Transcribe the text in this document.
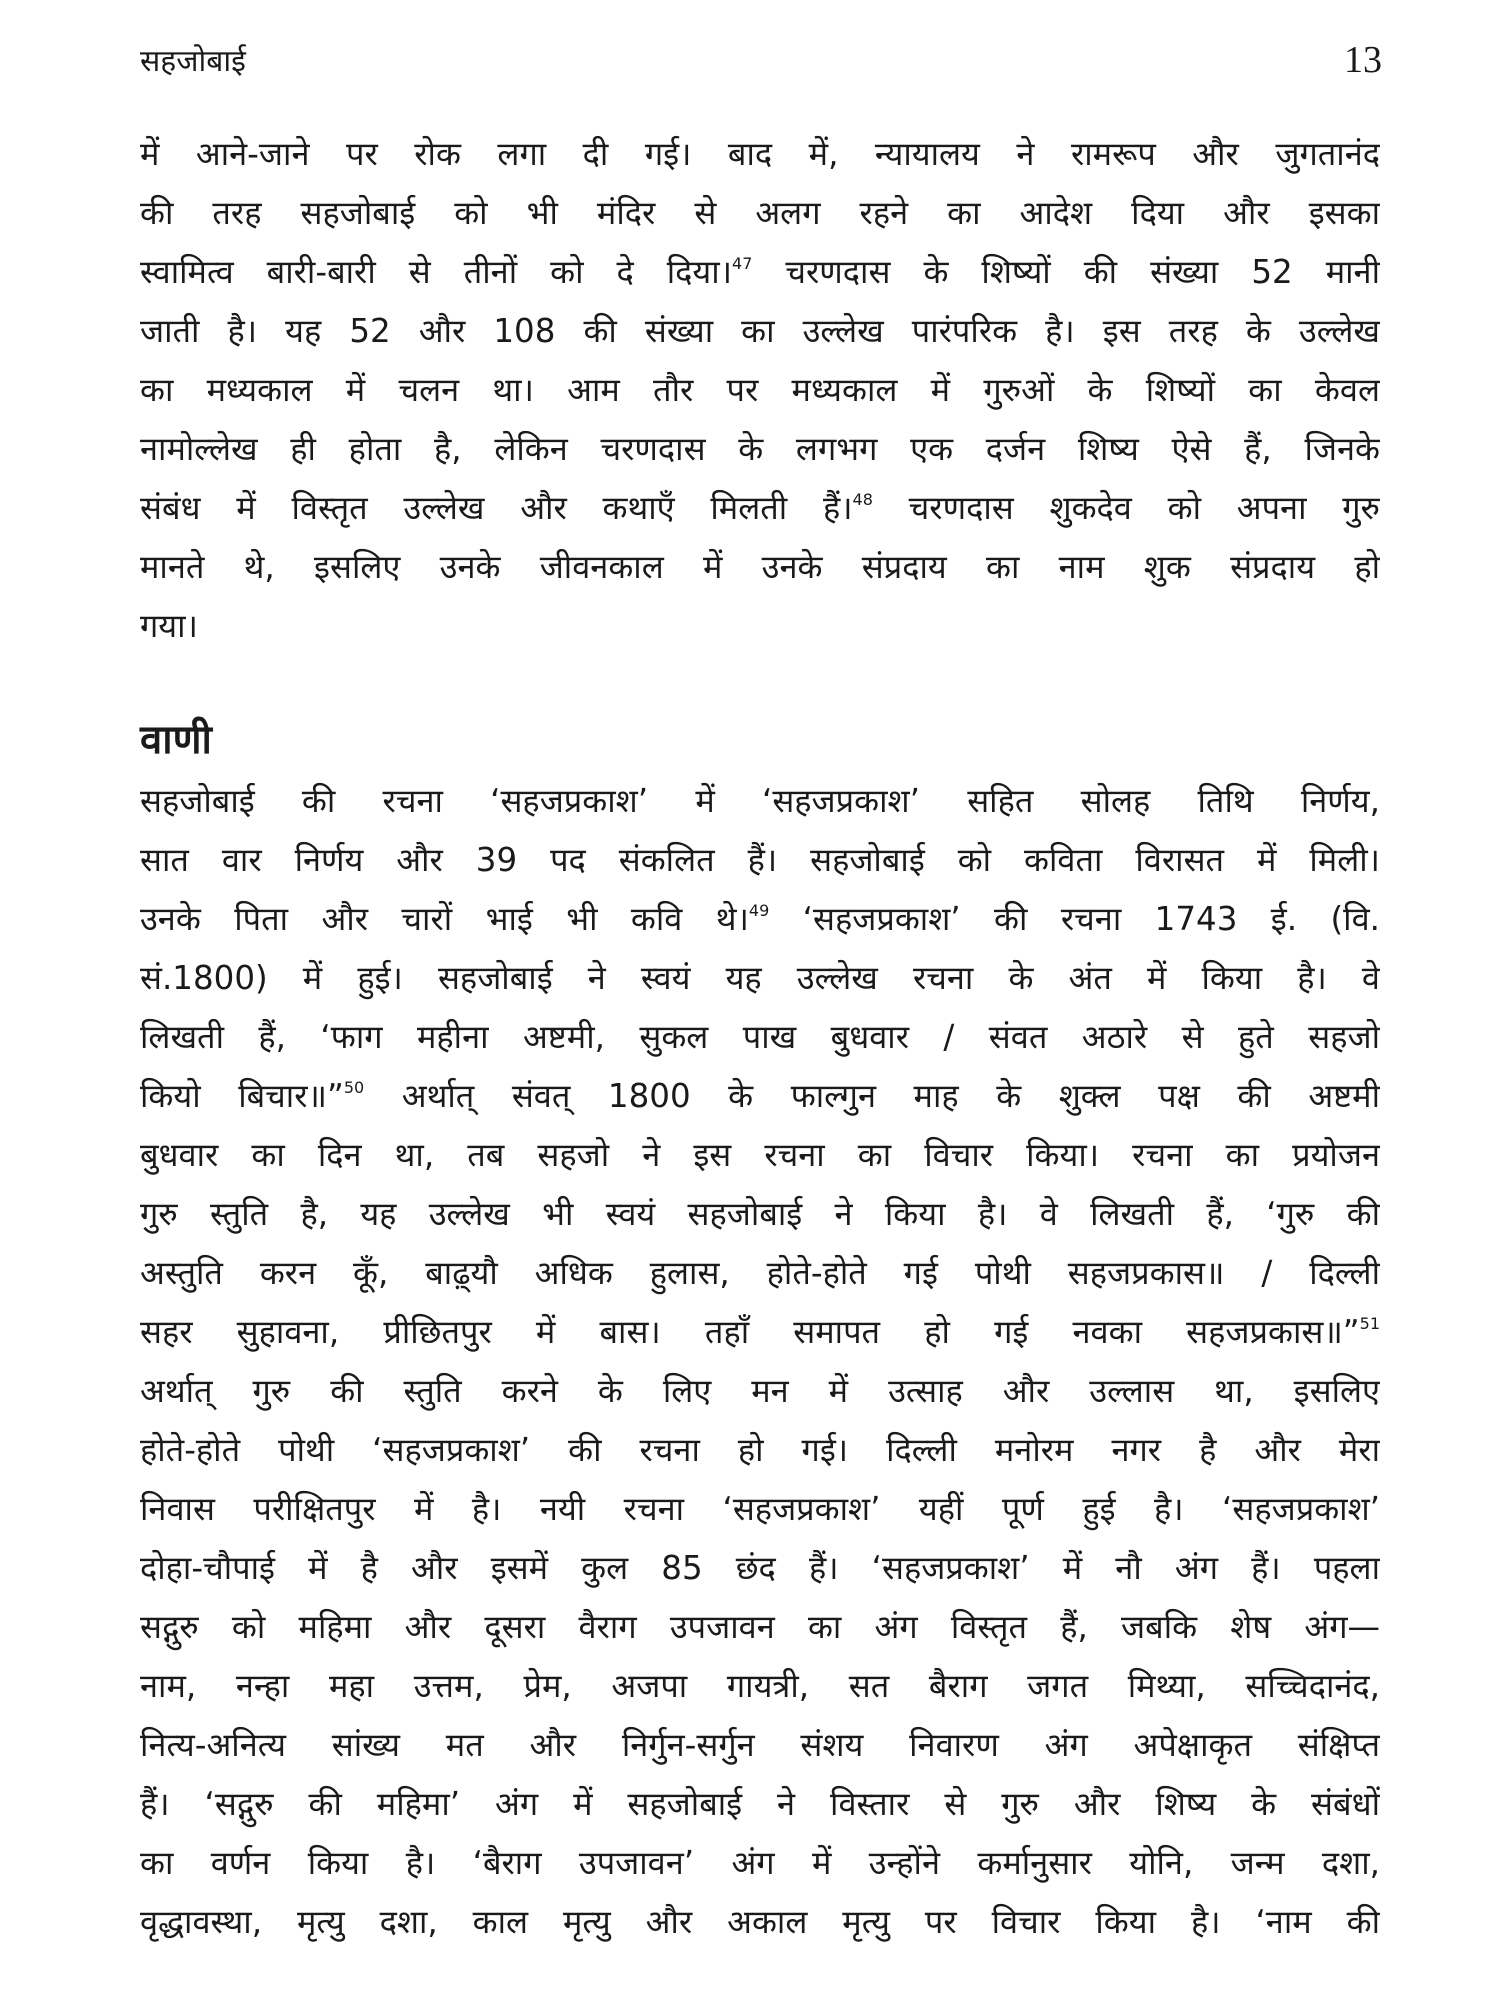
सहजोबाई	13
में आने-जाने पर रोक लगा दी गई। बाद में, न्यायालय ने रामरूप और जुगतानंद
की तरह सहजोबाई को भी मंदिर से अलग रहने का आदेश दिया और इसका
स्वामित्व बारी-बारी से तीनों को दे दिया।$^{47}$ चरणदास के शिष्यों की संख्या 52 मानी
जाती है। यह 52 और 108 की संख्या का उल्लेख पारंपरिक है। इस तरह के उल्लेख
का मध्यकाल में चलन था। आम तौर पर मध्यकाल में गुरुओं के शिष्यों का केवल
नामोल्लेख ही होता है, लेकिन चरणदास के लगभग एक दर्जन शिष्य ऐसे हैं, जिनके
संबंध में विस्तृत उल्लेख और कथाएँ मिलती हैं।$^{48}$ चरणदास शुकदेव को अपना गुरु
मानते थे, इसलिए उनके जीवनकाल में उनके संप्रदाय का नाम शुक संप्रदाय हो
गया।
वाणी
सहजोबाई की रचना ‘सहजप्रकाश’ में ‘सहजप्रकाश’ सहित सोलह तिथि निर्णय,
सात वार निर्णय और 39 पद संकलित हैं। सहजोबाई को कविता विरासत में मिली।
उनके पिता और चारों भाई भी कवि थे।$^{49}$ ‘सहजप्रकाश’ की रचना 1743 ई. (वि.
सं.1800) में हुई। सहजोबाई ने स्वयं यह उल्लेख रचना के अंत में किया है। वे
लिखती हैं, ‘फाग महीना अष्टमी, सुकल पाख बुधवार / संवत अठारे से हुते सहजो
कियो बिचार॥”$^{50}$ अर्थात् संवत् 1800 के फाल्गुन माह के शुक्ल पक्ष की अष्टमी
बुधवार का दिन था, तब सहजो ने इस रचना का विचार किया। रचना का प्रयोजन
गुरु स्तुति है, यह उल्लेख भी स्वयं सहजोबाई ने किया है। वे लिखती हैं, ‘गुरु की
अस्तुति करन कूँ, बाढ़्यौ अधिक हुलास, होते-होते गई पोथी सहजप्रकास॥ / दिल्ली
सहर सुहावना, प्रीछितपुर में बास। तहाँ समापत हो गई नवका सहजप्रकास॥”$^{51}$
अर्थात् गुरु की स्तुति करने के लिए मन में उत्साह और उल्लास था, इसलिए
होते-होते पोथी ‘सहजप्रकाश’ की रचना हो गई। दिल्ली मनोरम नगर है और मेरा
निवास परीक्षितपुर में है। नयी रचना ‘सहजप्रकाश’ यहीं पूर्ण हुई है। ‘सहजप्रकाश’
दोहा-चौपाई में है और इसमें कुल 85 छंद हैं। ‘सहजप्रकाश’ में नौ अंग हैं। पहला
सद्गुरु को महिमा और दूसरा वैराग उपजावन का अंग विस्तृत हैं, जबकि शेष अंग—
नाम, नन्हा महा उत्तम, प्रेम, अजपा गायत्री, सत बैराग जगत मिथ्या, सच्चिदानंद,
नित्य-अनित्य सांख्य मत और निर्गुन-सर्गुन संशय निवारण अंग अपेक्षाकृत संक्षिप्त
हैं। ‘सद्गुरु की महिमा’ अंग में सहजोबाई ने विस्तार से गुरु और शिष्य के संबंधों
का वर्णन किया है। ‘बैराग उपजावन’ अंग में उन्होंने कर्मानुसार योनि, जन्म दशा,
वृद्धावस्था, मृत्यु दशा, काल मृत्यु और अकाल मृत्यु पर विचार किया है। ‘नाम की
